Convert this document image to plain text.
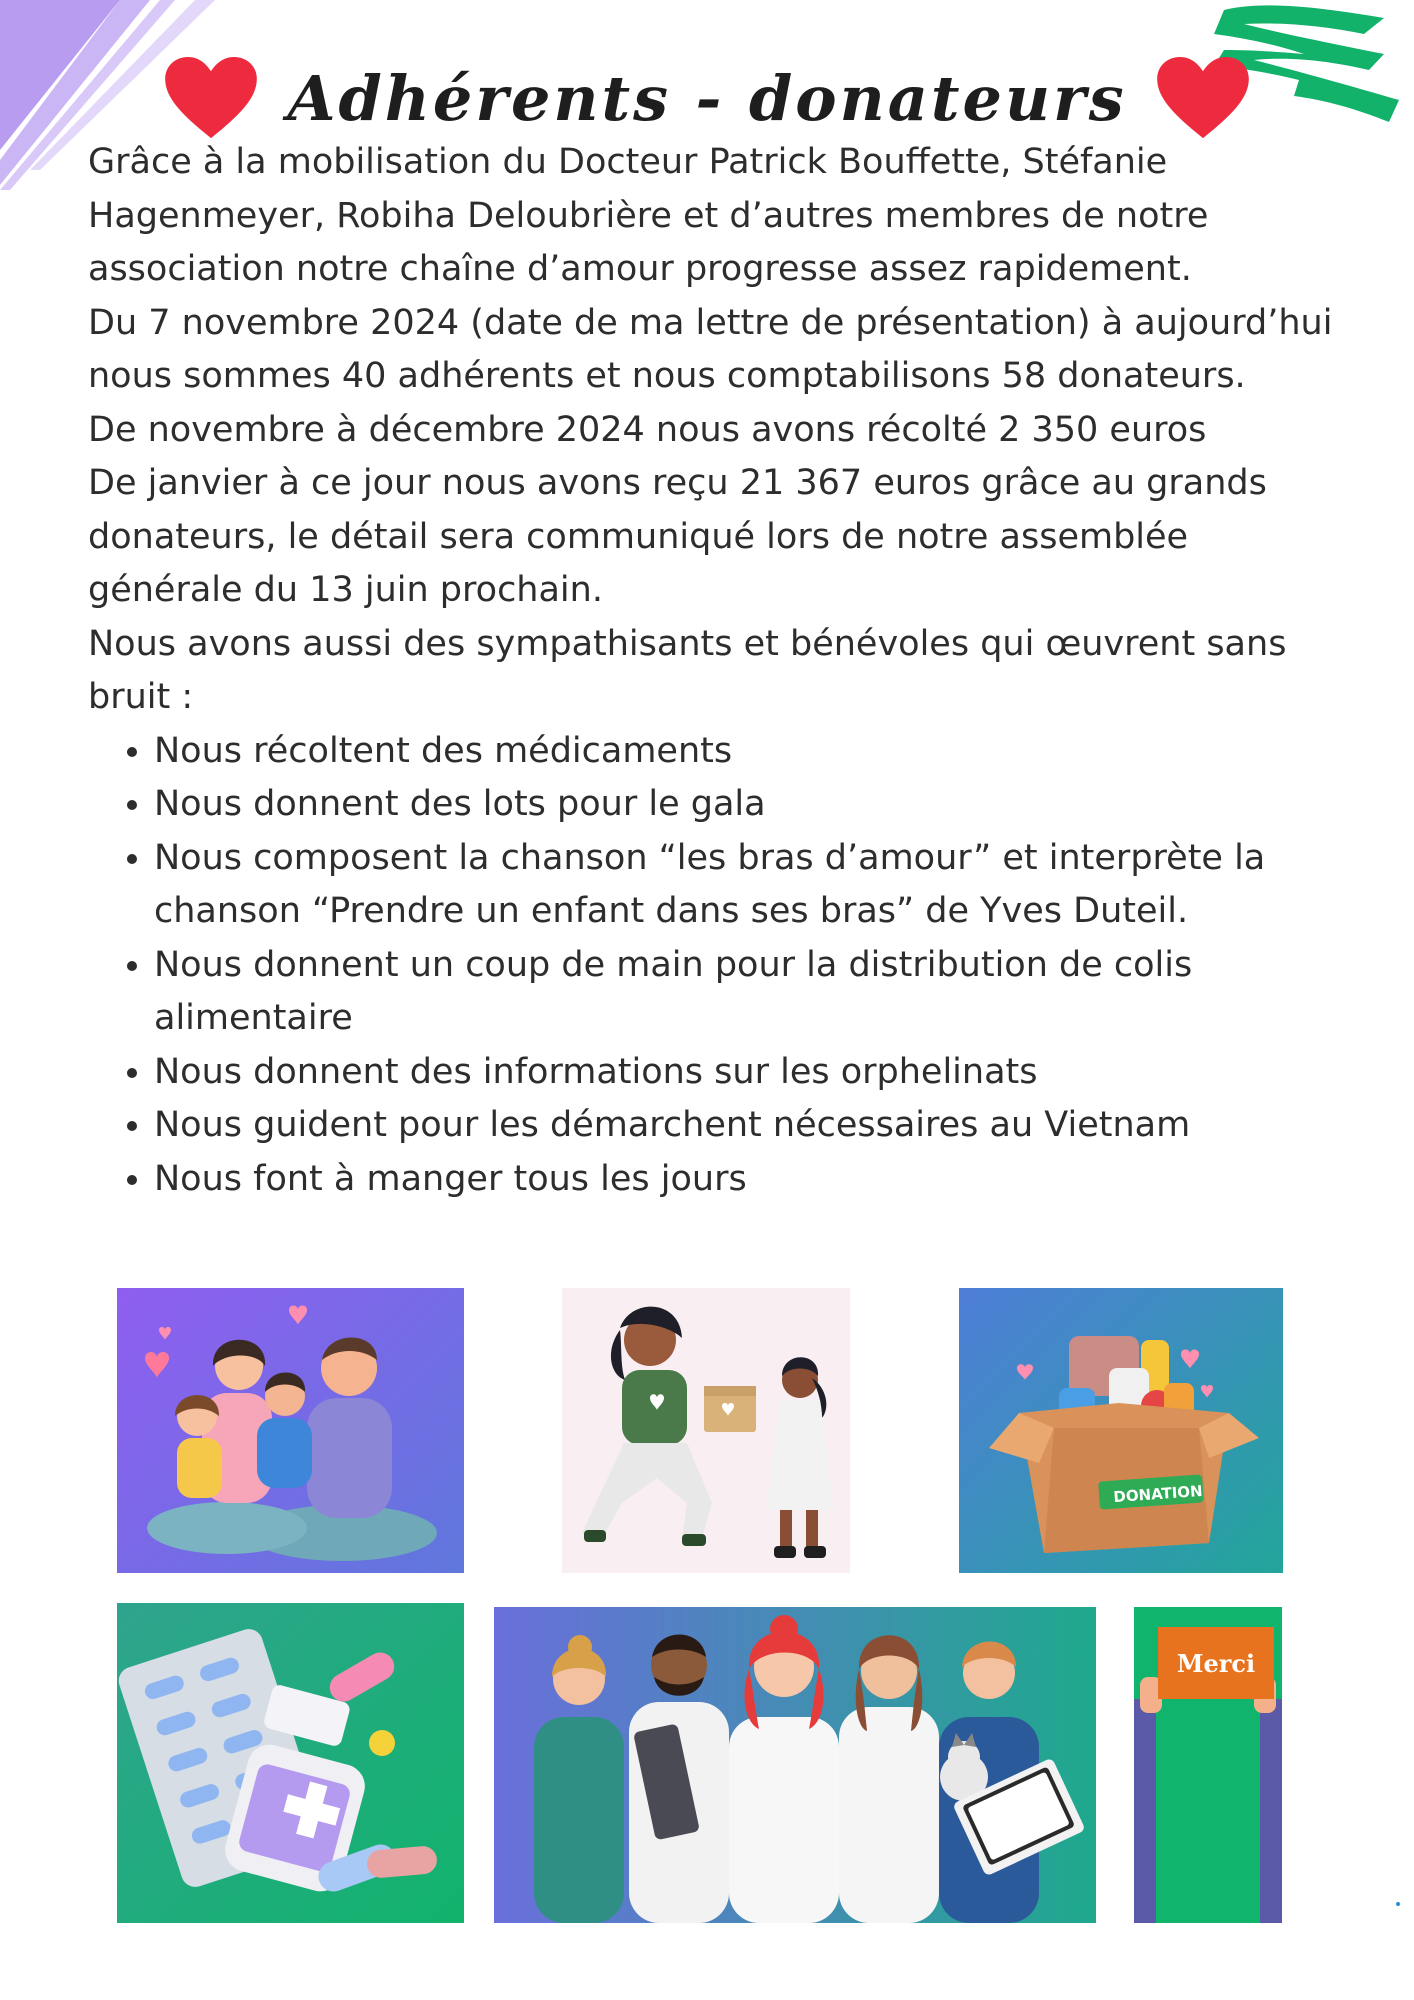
Adhérents - donateurs

Grâce à la mobilisation du Docteur Patrick Bouffette, Stéfanie Hagenmeyer, Robiha Deloubrière et d’autres membres de notre association notre chaîne d’amour progresse assez rapidement.

Du 7 novembre 2024 (date de ma lettre de présentation) à aujourd’hui nous sommes 40 adhérents et nous comptabilisons 58 donateurs.

De novembre à décembre 2024 nous avons récolté 2 350 euros

De janvier à ce jour nous avons reçu 21 367 euros grâce au grands donateurs, le détail sera communiqué lors de notre assemblée générale du 13 juin prochain.

Nous avons aussi des sympathisants et bénévoles qui œuvrent sans bruit :

• Nous récoltent des médicaments
• Nous donnent des lots pour le gala
• Nous composent la chanson “les bras d’amour” et interprète la chanson “Prendre un enfant dans ses bras” de Yves Duteil.
• Nous donnent un coup de main pour la distribution de colis alimentaire
• Nous donnent des informations sur les orphelinats
• Nous guident pour les démarchent nécessaires au Vietnam
• Nous font à manger tous les jours
DONATION
Merci
